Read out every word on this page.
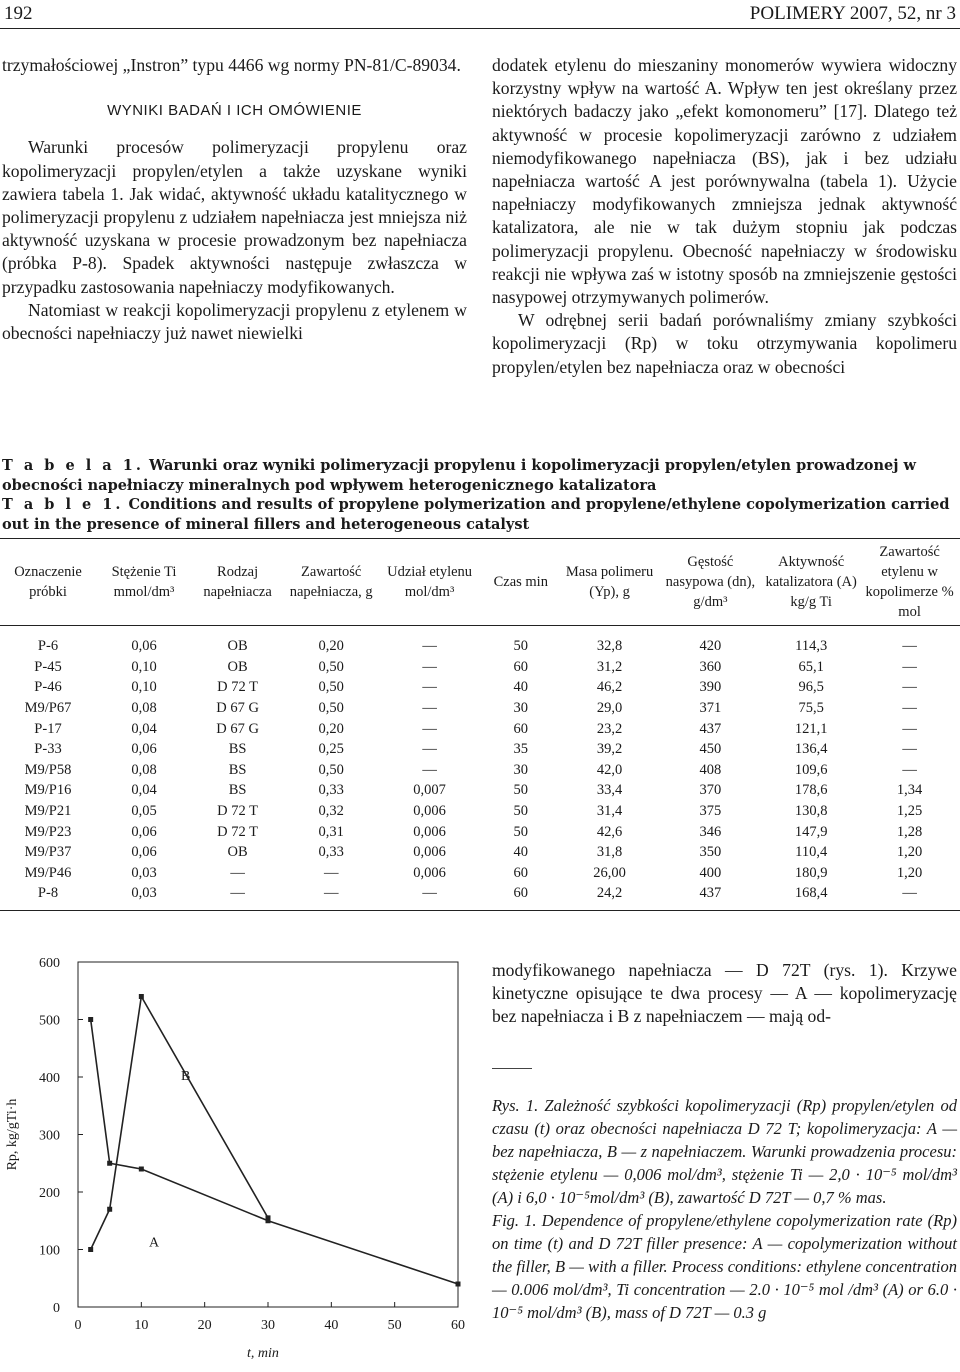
192	POLIMERY 2007, 52, nr 3

trzymałościowej „Instron” typu 4466 wg normy PN-81/C-89034.

WYNIKI BADAŃ I ICH OMÓWIENIE

Warunki procesów polimeryzacji propylenu oraz kopolimeryzacji propylen/etylen a także uzyskane wyniki zawiera tabela 1. Jak widać, aktywność układu katalitycznego w polimeryzacji propylenu z udziałem napełniacza jest mniejsza niż aktywność uzyskana w procesie prowadzonym bez napełniacza (próbka P-8). Spadek aktywności następuje zwłaszcza w przypadku zastosowania napełniaczy modyfikowanych.

Natomiast w reakcji kopolimeryzacji propylenu z etylenem w obecności napełniaczy już nawet niewielki

dodatek etylenu do mieszaniny monomerów wywiera widoczny korzystny wpływ na wartość A. Wpływ ten jest określany przez niektórych badaczy jako „efekt komonomeru” [17]. Dlatego też aktywność w procesie kopolimeryzacji zarówno z udziałem niemodyfikowanego napełniacza (BS), jak i bez udziału napełniacza wartość A jest porównywalna (tabela 1). Użycie napełniaczy modyfikowanych zmniejsza jednak aktywność katalizatora, ale nie w tak dużym stopniu jak podczas polimeryzacji propylenu. Obecność napełniaczy w środowisku reakcji nie wpływa zaś w istotny sposób na zmniejszenie gęstości nasypowej otrzymywanych polimerów.

W odrębnej serii badań porównaliśmy zmiany szybkości kopolimeryzacji (Rp) w toku otrzymywania kopolimeru propylen/etylen bez napełniacza oraz w obecności

T a b e l a 1. Warunki oraz wyniki polimeryzacji propylenu i kopolimeryzacji propylen/etylen prowadzonej w obecności napełniaczy mineralnych pod wpływem heterogenicznego katalizatora

T a b l e 1. Conditions and results of propylene polymerization and propylene/ethylene copolymerization carried out in the presence of mineral fillers and heterogeneous catalyst

Oznaczenie próbki	Stężenie Ti mmol/dm³	Rodzaj napełniacza	Zawartość napełniacza, g	Udział etylenu mol/dm³	Czas min	Masa polimeru (Yp), g	Gęstość nasypowa (dn), g/dm³	Aktywność katalizatora (A) kg/g Ti	Zawartość etylenu w kopolimerze % mol
P-6	0,06	OB	0,20	—	50	32,8	420	114,3	—
P-45	0,10	OB	0,50	—	60	31,2	360	65,1	—
P-46	0,10	D 72 T	0,50	—	40	46,2	390	96,5	—
M9/P67	0,08	D 67 G	0,50	—	30	29,0	371	75,5	—
P-17	0,04	D 67 G	0,20	—	60	23,2	437	121,1	—
P-33	0,06	BS	0,25	—	35	39,2	450	136,4	—
M9/P58	0,08	BS	0,50	—	30	42,0	408	109,6	—
M9/P16	0,04	BS	0,33	0,007	50	33,4	370	178,6	1,34
M9/P21	0,05	D 72 T	0,32	0,006	50	31,4	375	130,8	1,25
M9/P23	0,06	D 72 T	0,31	0,006	50	42,6	346	147,9	1,28
M9/P37	0,06	OB	0,33	0,006	40	31,8	350	110,4	1,20
M9/P46	0,03	—	—	0,006	60	26,00	400	180,9	1,20
P-8	0,03	—	—	—	60	24,2	437	168,4	—
0	10	20	30	40	50	60
600
500
400
300
200
100
0
t, min
Rp, kg/gTi·h
A
B

modyfikowanego napełniacza — D 72T (rys. 1). Krzywe kinetyczne opisujące te dwa procesy — A — kopolimeryzację bez napełniacza i B z napełniaczem — mają od-

Rys. 1. Zależność szybkości kopolimeryzacji (Rp) propylen/etylen od czasu (t) oraz obecności napełniacza D 72 T; kopolimeryzacja: A — bez napełniacza, B — z napełniaczem. Warunki prowadzenia procesu: stężenie etylenu — 0,006 mol/dm³, stężenie Ti — 2,0 · 10⁻⁵ mol/dm³ (A) i 6,0 · 10⁻⁵mol/dm³ (B), zawartość D 72T — 0,7 % mas.

Fig. 1. Dependence of propylene/ethylene copolymerization rate (Rp) on time (t) and D 72T filler presence: A — copolymerization without the filler, B — with a filler. Process conditions: ethylene concentration — 0.006 mol/dm³, Ti concentration — 2.0 · 10⁻⁵ mol /dm³ (A) or 6.0 · 10⁻⁵ mol/dm³ (B), mass of D 72T — 0.3 g
